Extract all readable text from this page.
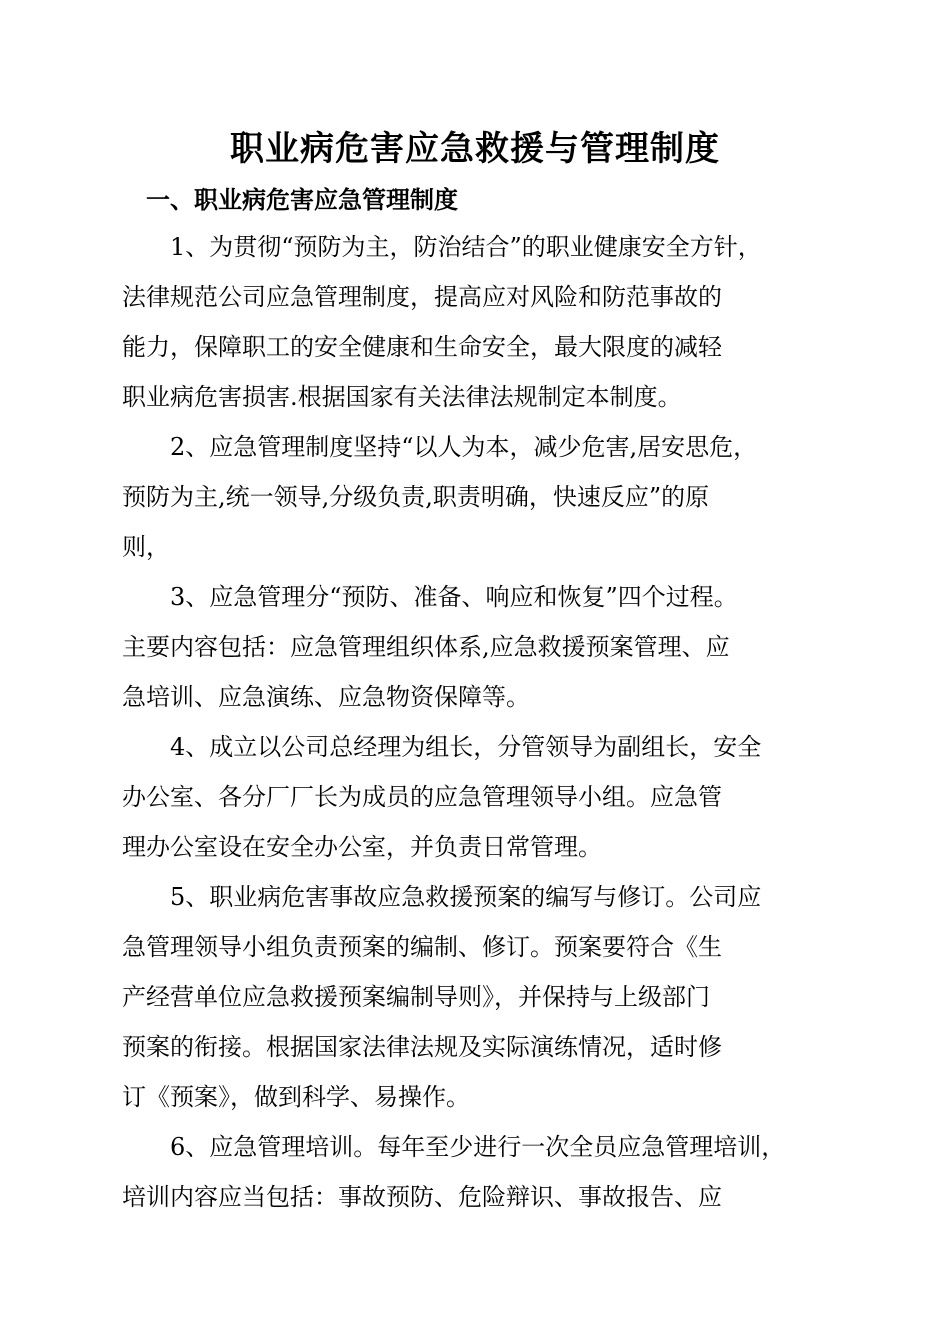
职业病危害应急救援与管理制度
一、职业病危害应急管理制度

1、为贯彻“预防为主，防治结合”的职业健康安全方针，
法律规范公司应急管理制度，提高应对风险和防范事故的
能力，保障职工的安全健康和生命安全，最大限度的减轻
职业病危害损害.根据国家有关法律法规制定本制度。

2、应急管理制度坚持“以人为本，减少危害,居安思危，
预防为主,统一领导,分级负责,职责明确，快速反应”的原
则，

3、应急管理分“预防、准备、响应和恢复”四个过程。
主要内容包括：应急管理组织体系,应急救援预案管理、应
急培训、应急演练、应急物资保障等。

4、成立以公司总经理为组长，分管领导为副组长，安全
办公室、各分厂厂长为成员的应急管理领导小组。应急管
理办公室设在安全办公室，并负责日常管理。

5、职业病危害事故应急救援预案的编写与修订。公司应
急管理领导小组负责预案的编制、修订。预案要符合《生
产经营单位应急救援预案编制导则》，并保持与上级部门
预案的衔接。根据国家法律法规及实际演练情况，适时修
订《预案》，做到科学、易操作。

6、应急管理培训。每年至少进行一次全员应急管理培训，
培训内容应当包括：事故预防、危险辩识、事故报告、应
